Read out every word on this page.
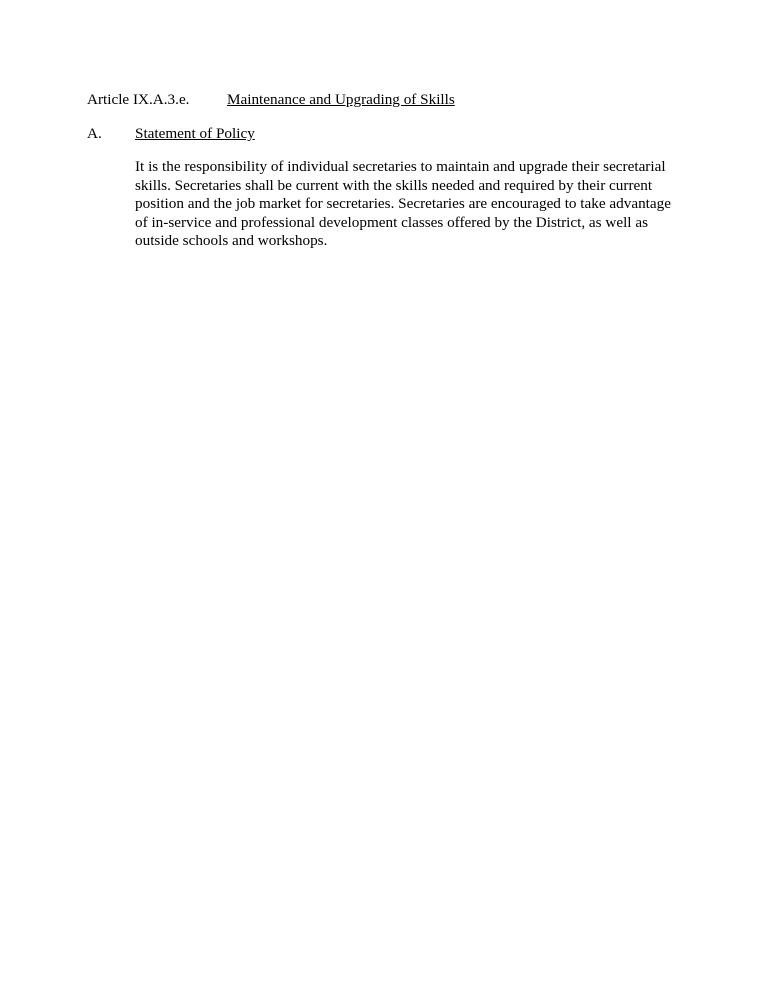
Article IX.A.3.e. Maintenance and Upgrading of Skills
A. Statement of Policy
It is the responsibility of individual secretaries to maintain and upgrade their secretarial
skills. Secretaries shall be current with the skills needed and required by their current
position and the job market for secretaries. Secretaries are encouraged to take advantage
of in-service and professional development classes offered by the District, as well as
outside schools and workshops.
